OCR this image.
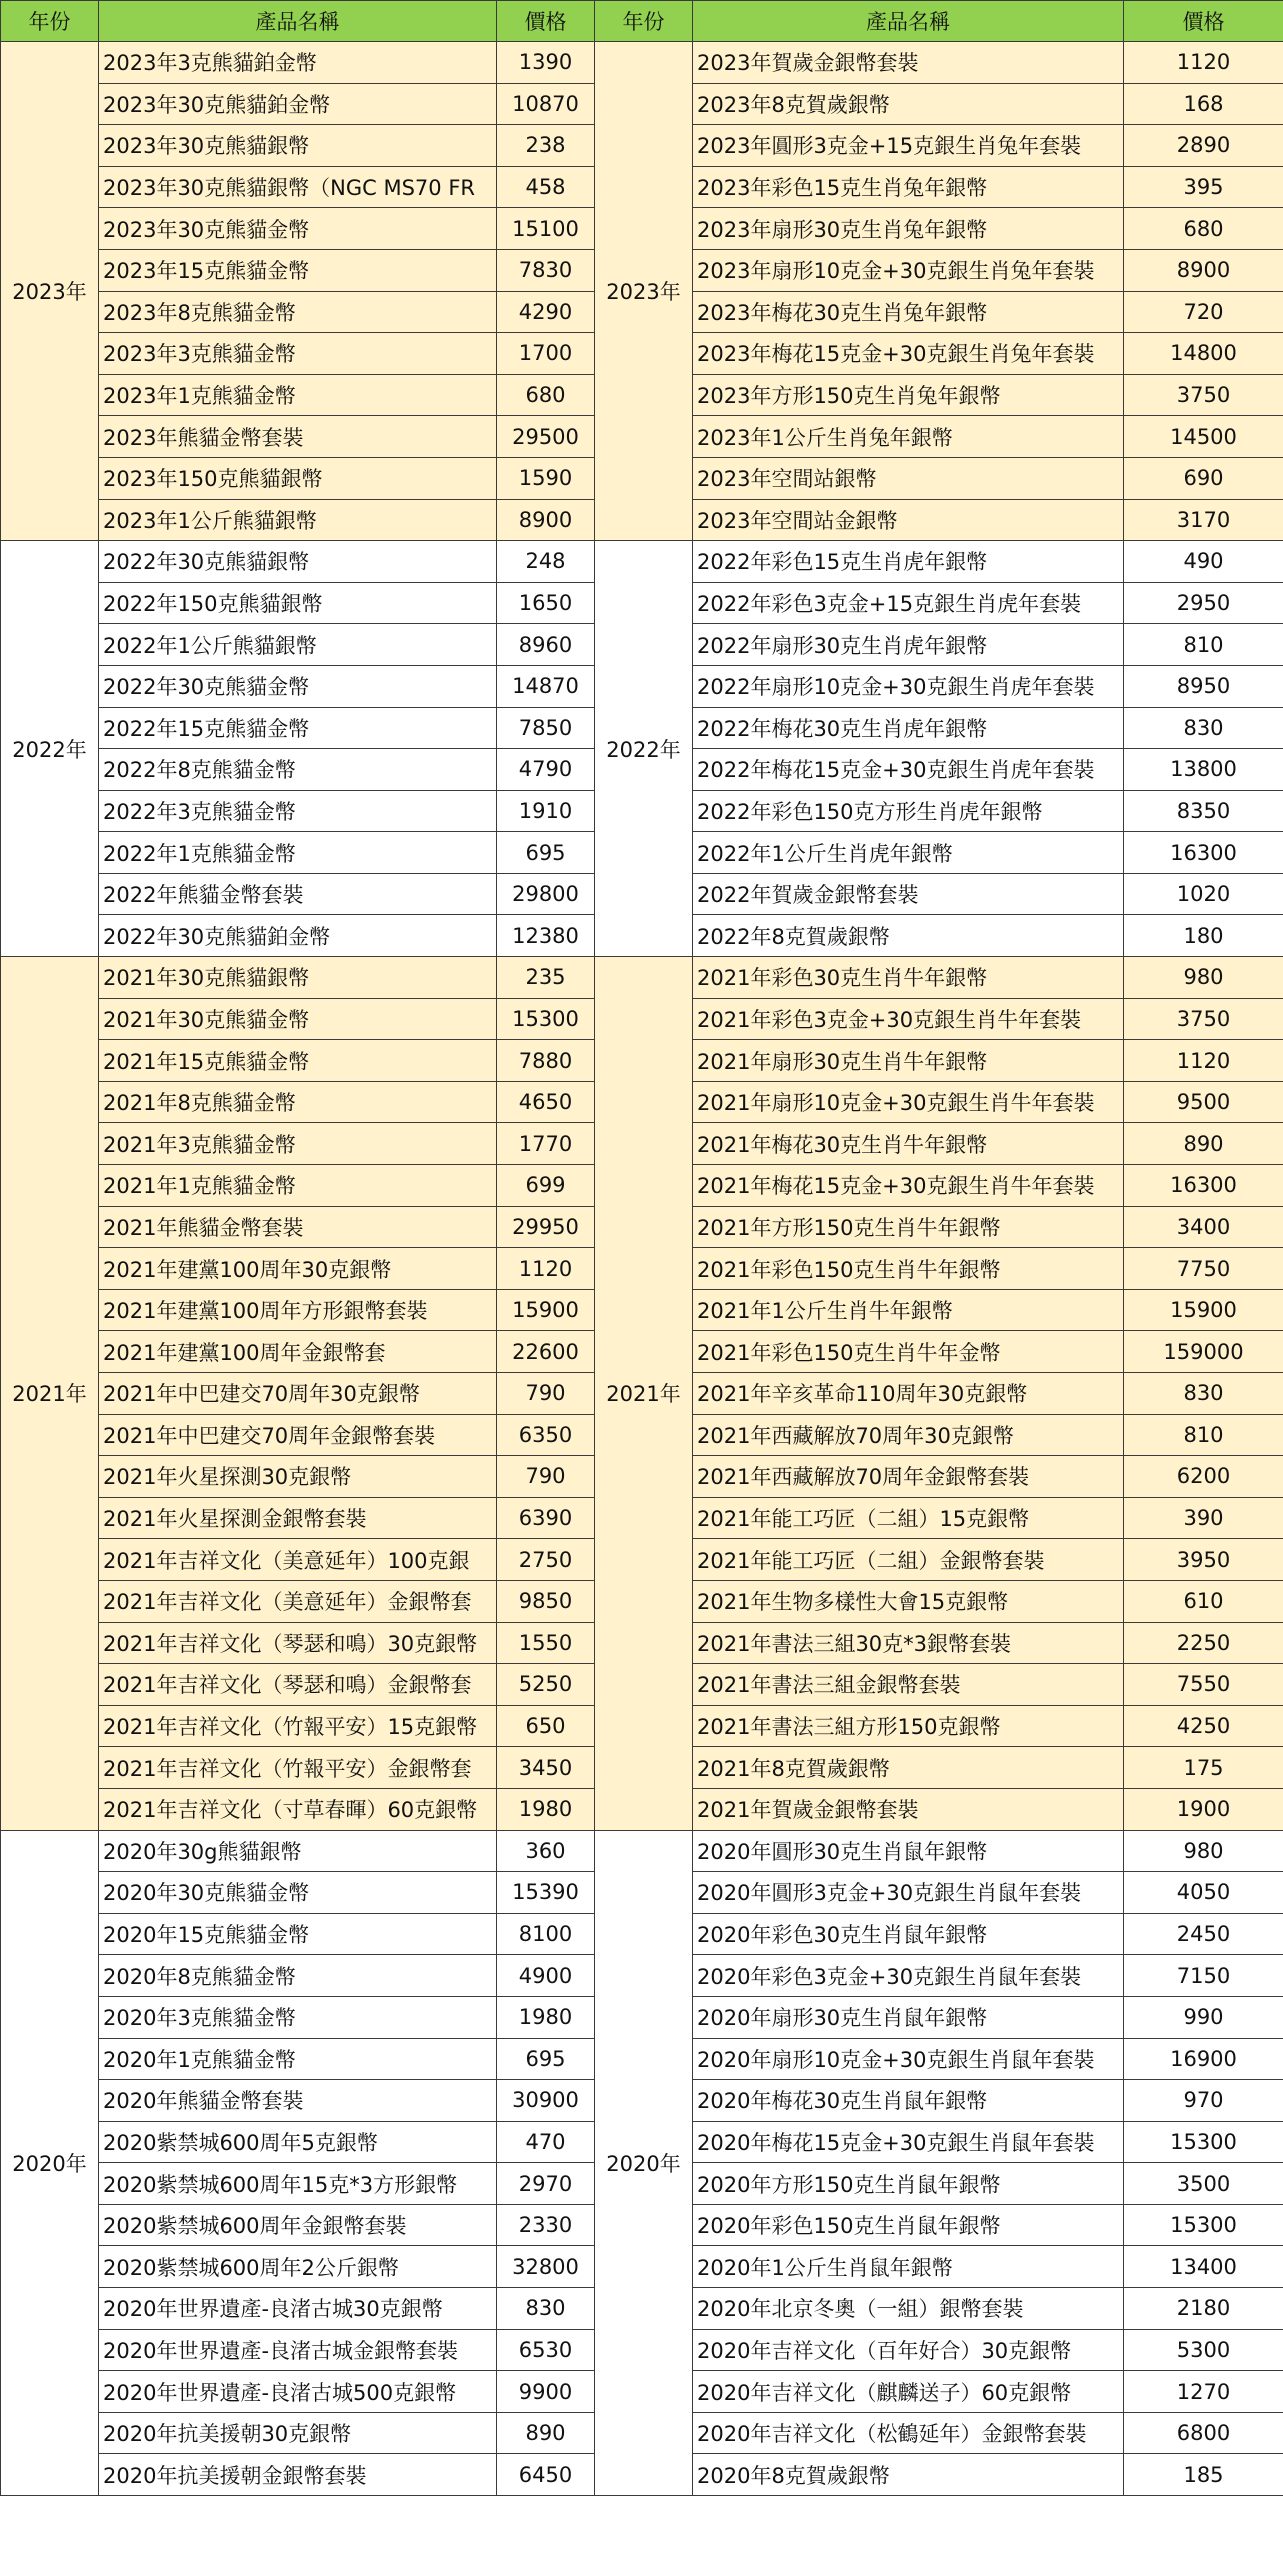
年份	產品名稱	價格	年份	產品名稱	價格
2023年	2023年3克熊貓鉑金幣	1390	2023年	2023年賀歲金銀幣套裝	1120
	2023年30克熊貓鉑金幣	10870		2023年8克賀歲銀幣	168
	2023年30克熊貓銀幣	238		2023年圓形3克金+15克銀生肖兔年套裝	2890
	2023年30克熊貓銀幣（NGC MS70 FR	458		2023年彩色15克生肖兔年銀幣	395
	2023年30克熊貓金幣	15100		2023年扇形30克生肖兔年銀幣	680
	2023年15克熊貓金幣	7830		2023年扇形10克金+30克銀生肖兔年套裝	8900
	2023年8克熊貓金幣	4290		2023年梅花30克生肖兔年銀幣	720
	2023年3克熊貓金幣	1700		2023年梅花15克金+30克銀生肖兔年套裝	14800
	2023年1克熊貓金幣	680		2023年方形150克生肖兔年銀幣	3750
	2023年熊貓金幣套裝	29500		2023年1公斤生肖兔年銀幣	14500
	2023年150克熊貓銀幣	1590		2023年空間站銀幣	690
	2023年1公斤熊貓銀幣	8900		2023年空間站金銀幣	3170
2022年	2022年30克熊貓銀幣	248	2022年	2022年彩色15克生肖虎年銀幣	490
	2022年150克熊貓銀幣	1650		2022年彩色3克金+15克銀生肖虎年套裝	2950
	2022年1公斤熊貓銀幣	8960		2022年扇形30克生肖虎年銀幣	810
	2022年30克熊貓金幣	14870		2022年扇形10克金+30克銀生肖虎年套裝	8950
	2022年15克熊貓金幣	7850		2022年梅花30克生肖虎年銀幣	830
	2022年8克熊貓金幣	4790		2022年梅花15克金+30克銀生肖虎年套裝	13800
	2022年3克熊貓金幣	1910		2022年彩色150克方形生肖虎年銀幣	8350
	2022年1克熊貓金幣	695		2022年1公斤生肖虎年銀幣	16300
	2022年熊貓金幣套裝	29800		2022年賀歲金銀幣套裝	1020
	2022年30克熊貓鉑金幣	12380		2022年8克賀歲銀幣	180
2021年	2021年30克熊貓銀幣	235	2021年	2021年彩色30克生肖牛年銀幣	980
	2021年30克熊貓金幣	15300		2021年彩色3克金+30克銀生肖牛年套裝	3750
	2021年15克熊貓金幣	7880		2021年扇形30克生肖牛年銀幣	1120
	2021年8克熊貓金幣	4650		2021年扇形10克金+30克銀生肖牛年套裝	9500
	2021年3克熊貓金幣	1770		2021年梅花30克生肖牛年銀幣	890
	2021年1克熊貓金幣	699		2021年梅花15克金+30克銀生肖牛年套裝	16300
	2021年熊貓金幣套裝	29950		2021年方形150克生肖牛年銀幣	3400
	2021年建黨100周年30克銀幣	1120		2021年彩色150克生肖牛年銀幣	7750
	2021年建黨100周年方形銀幣套裝	15900		2021年1公斤生肖牛年銀幣	15900
	2021年建黨100周年金銀幣套	22600		2021年彩色150克生肖牛年金幣	159000
	2021年中巴建交70周年30克銀幣	790		2021年辛亥革命110周年30克銀幣	830
	2021年中巴建交70周年金銀幣套裝	6350		2021年西藏解放70周年30克銀幣	810
	2021年火星探測30克銀幣	790		2021年西藏解放70周年金銀幣套裝	6200
	2021年火星探測金銀幣套裝	6390		2021年能工巧匠（二組）15克銀幣	390
	2021年吉祥文化（美意延年）100克銀	2750		2021年能工巧匠（二組）金銀幣套裝	3950
	2021年吉祥文化（美意延年）金銀幣套	9850		2021年生物多樣性大會15克銀幣	610
	2021年吉祥文化（琴瑟和鳴）30克銀幣	1550		2021年書法三組30克*3銀幣套裝	2250
	2021年吉祥文化（琴瑟和鳴）金銀幣套	5250		2021年書法三組金銀幣套裝	7550
	2021年吉祥文化（竹報平安）15克銀幣	650		2021年書法三組方形150克銀幣	4250
	2021年吉祥文化（竹報平安）金銀幣套	3450		2021年8克賀歲銀幣	175
	2021年吉祥文化（寸草春暉）60克銀幣	1980		2021年賀歲金銀幣套裝	1900
2020年	2020年30g熊貓銀幣	360	2020年	2020年圓形30克生肖鼠年銀幣	980
	2020年30克熊貓金幣	15390		2020年圓形3克金+30克銀生肖鼠年套裝	4050
	2020年15克熊貓金幣	8100		2020年彩色30克生肖鼠年銀幣	2450
	2020年8克熊貓金幣	4900		2020年彩色3克金+30克銀生肖鼠年套裝	7150
	2020年3克熊貓金幣	1980		2020年扇形30克生肖鼠年銀幣	990
	2020年1克熊貓金幣	695		2020年扇形10克金+30克銀生肖鼠年套裝	16900
	2020年熊貓金幣套裝	30900		2020年梅花30克生肖鼠年銀幣	970
	2020紫禁城600周年5克銀幣	470		2020年梅花15克金+30克銀生肖鼠年套裝	15300
	2020紫禁城600周年15克*3方形銀幣	2970		2020年方形150克生肖鼠年銀幣	3500
	2020紫禁城600周年金銀幣套裝	2330		2020年彩色150克生肖鼠年銀幣	15300
	2020紫禁城600周年2公斤銀幣	32800		2020年1公斤生肖鼠年銀幣	13400
	2020年世界遺產-良渚古城30克銀幣	830		2020年北京冬奧（一組）銀幣套裝	2180
	2020年世界遺產-良渚古城金銀幣套裝	6530		2020年吉祥文化（百年好合）30克銀幣	5300
	2020年世界遺產-良渚古城500克銀幣	9900		2020年吉祥文化（麒麟送子）60克銀幣	1270
	2020年抗美援朝30克銀幣	890		2020年吉祥文化（松鶴延年）金銀幣套裝	6800
	2020年抗美援朝金銀幣套裝	6450		2020年8克賀歲銀幣	185
